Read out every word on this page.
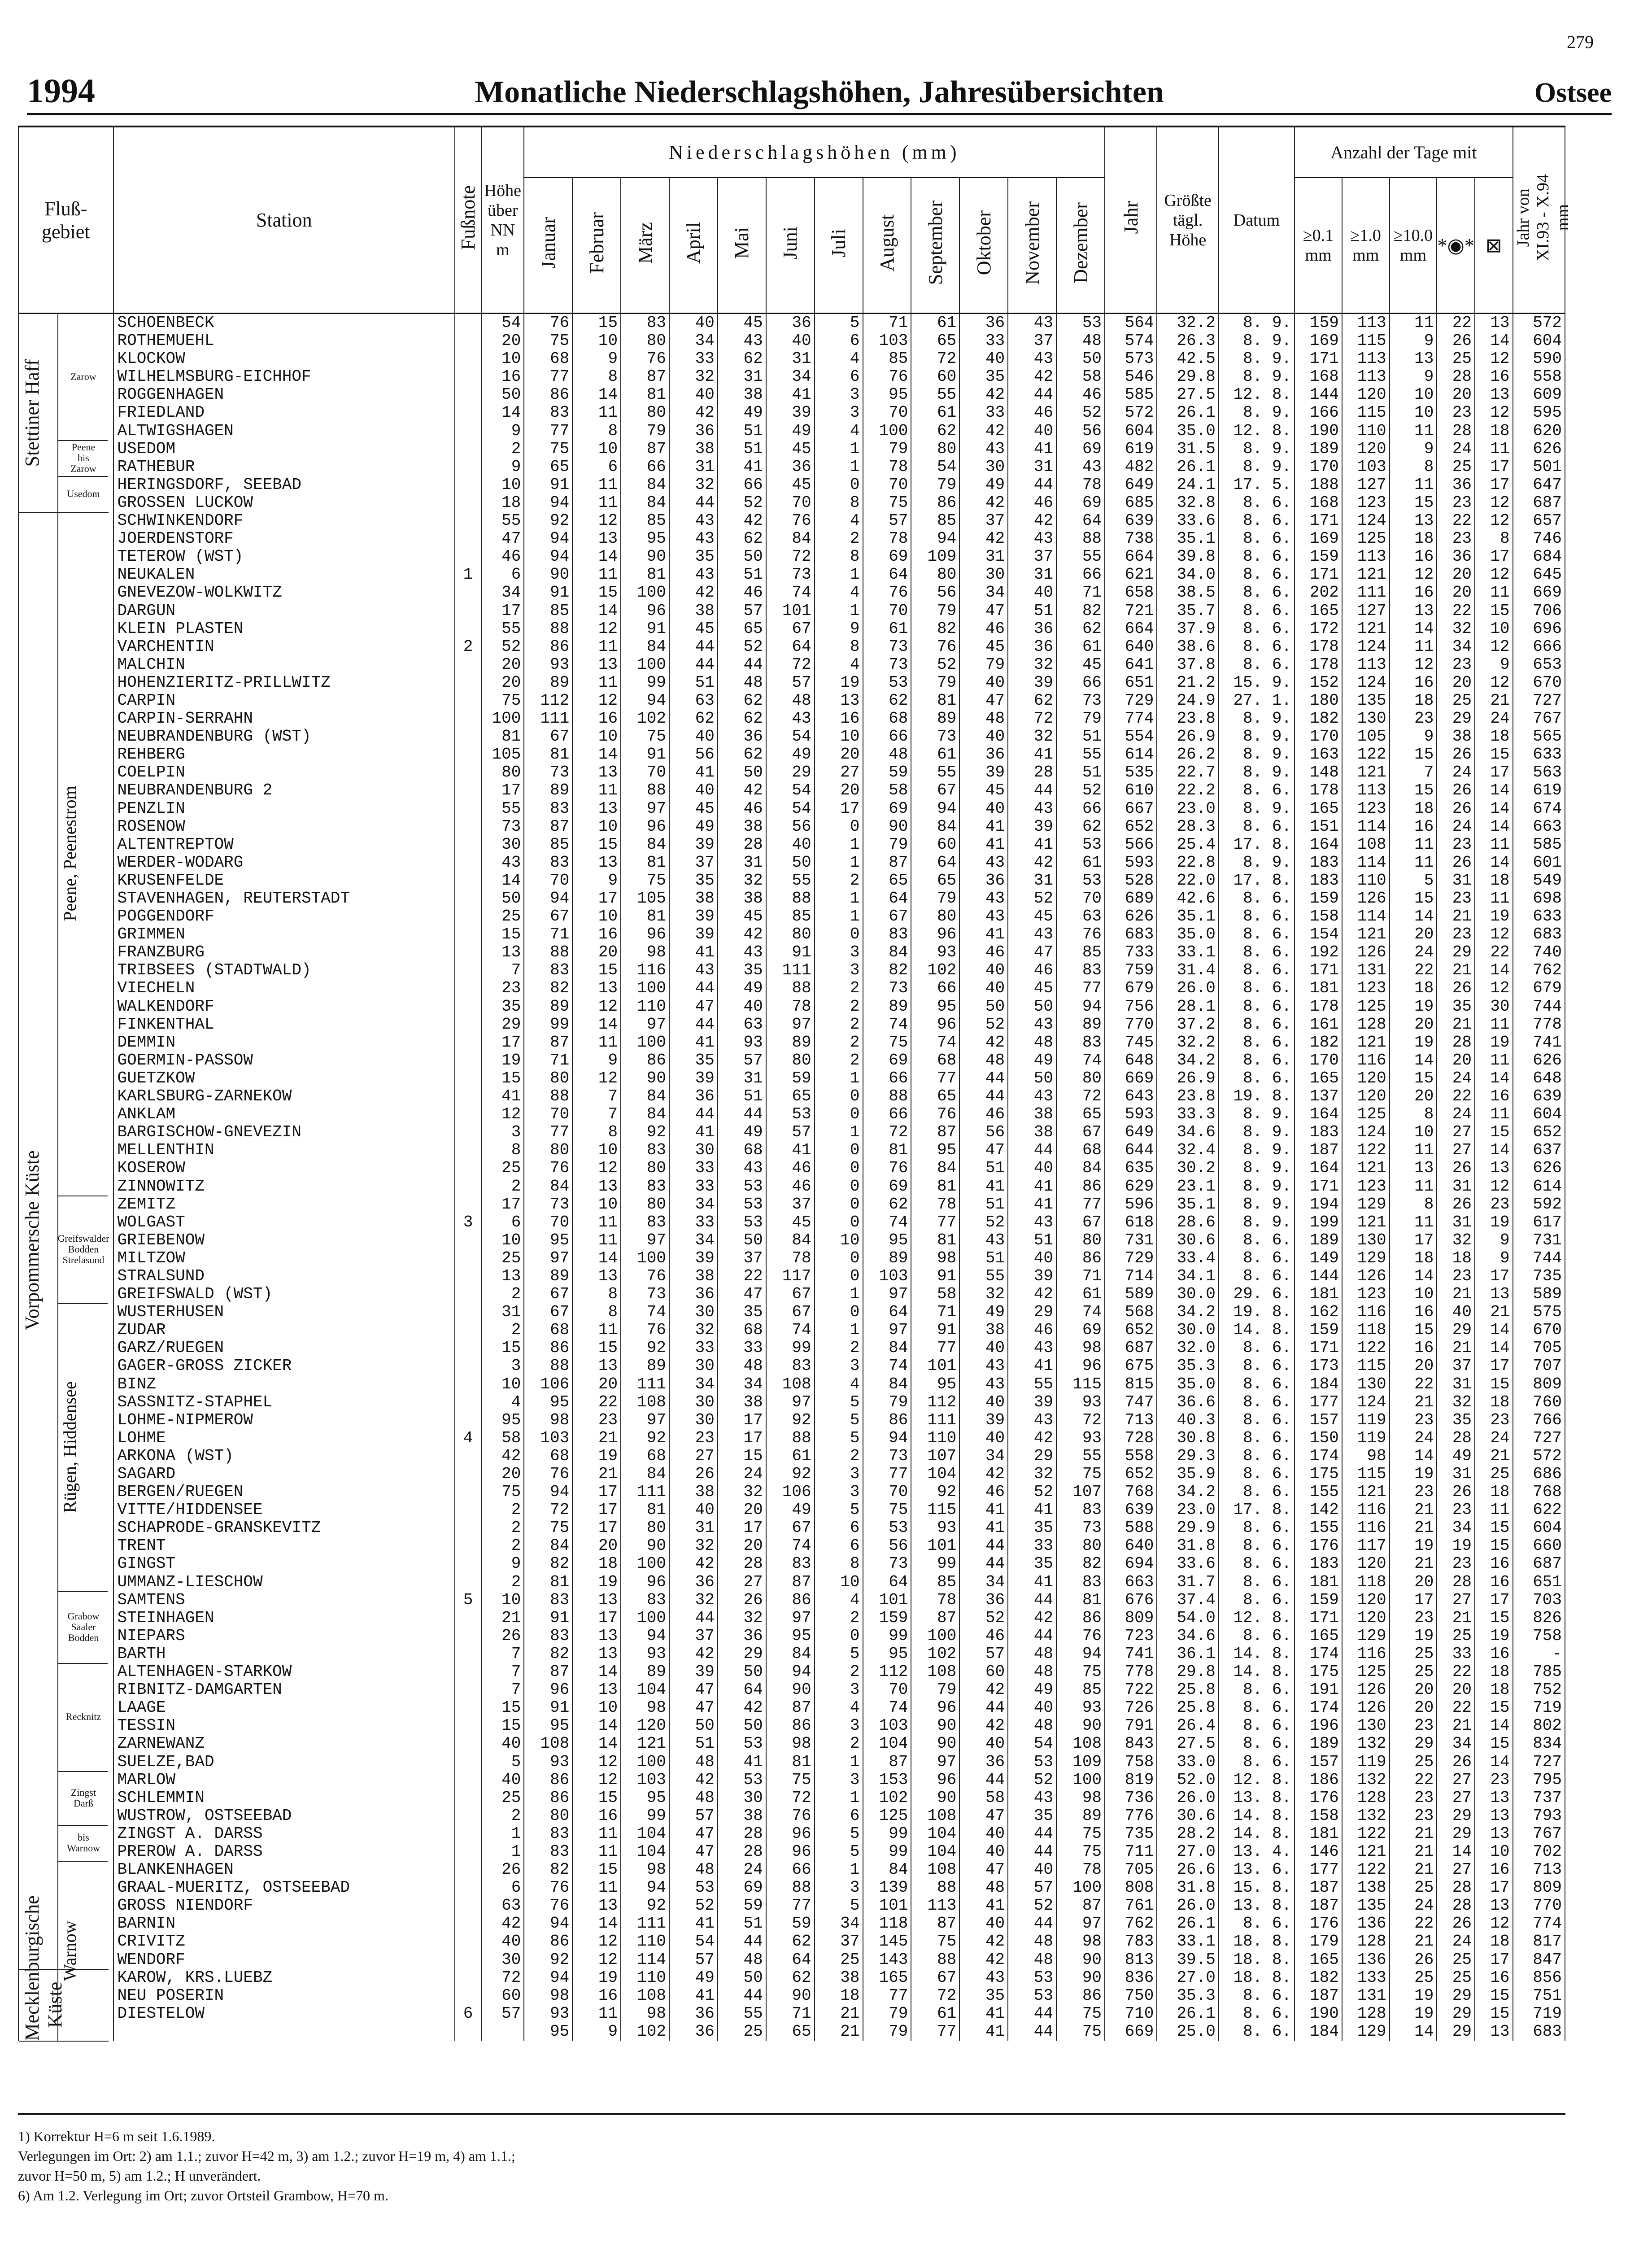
279
1994	Monatliche Niederschlagshöhen, Jahresübersichten	Ostsee
Fluß-
gebiet	Station	Fußnote	Höhe
über
NN
m	Niederschlagshöhen (mm)												Jahr	Größte
tägl.
Höhe	Datum	Anzahl der Tage mit					Jahr von
XI.93 - X.94
mm
				Januar	Februar	März	April	Mai	Juni	Juli	August	September	Oktober	November	Dezember				≥0.1
mm	≥1.0
mm	≥10.0
mm	*◉*	⊠	
	SCHOENBECK		54	76	15	83	40	45	36	5	71	61	36	43	53	564	32.2	8. 9.	159	113	11	22	13	572
	ROTHEMUEHL		20	75	10	80	34	43	40	6	103	65	33	37	48	574	26.3	8. 9.	169	115	9	26	14	604
	KLOCKOW		10	68	9	76	33	62	31	4	85	72	40	43	50	573	42.5	8. 9.	171	113	13	25	12	590
	WILHELMSBURG-EICHHOF		16	77	8	87	32	31	34	6	76	60	35	42	58	546	29.8	8. 9.	168	113	9	28	16	558
	ROGGENHAGEN		50	86	14	81	40	38	41	3	95	55	42	44	46	585	27.5	12. 8.	144	120	10	20	13	609
	FRIEDLAND		14	83	11	80	42	49	39	3	70	61	33	46	52	572	26.1	8. 9.	166	115	10	23	12	595
	ALTWIGSHAGEN		9	77	8	79	36	51	49	4	100	62	42	40	56	604	35.0	12. 8.	190	110	11	28	18	620
	USEDOM		2	75	10	87	38	51	45	1	79	80	43	41	69	619	31.5	8. 9.	189	120	9	24	11	626
	RATHEBUR		9	65	6	66	31	41	36	1	78	54	30	31	43	482	26.1	8. 9.	170	103	8	25	17	501
	HERINGSDORF, SEEBAD		10	91	11	84	32	66	45	0	70	79	49	44	78	649	24.1	17. 5.	188	127	11	36	17	647
	GROSSEN LUCKOW		18	94	11	84	44	52	70	8	75	86	42	46	69	685	32.8	8. 6.	168	123	15	23	12	687
	SCHWINKENDORF		55	92	12	85	43	42	76	4	57	85	37	42	64	639	33.6	8. 6.	171	124	13	22	12	657
	JOERDENSTORF		47	94	13	95	43	62	84	2	78	94	42	43	88	738	35.1	8. 6.	169	125	18	23	8	746
	TETEROW (WST)		46	94	14	90	35	50	72	8	69	109	31	37	55	664	39.8	8. 6.	159	113	16	36	17	684
	NEUKALEN	1	6	90	11	81	43	51	73	1	64	80	30	31	66	621	34.0	8. 6.	171	121	12	20	12	645
	GNEVEZOW-WOLKWITZ		34	91	15	100	42	46	74	4	76	56	34	40	71	658	38.5	8. 6.	202	111	16	20	11	669
	DARGUN		17	85	14	96	38	57	101	1	70	79	47	51	82	721	35.7	8. 6.	165	127	13	22	15	706
	KLEIN PLASTEN		55	88	12	91	45	65	67	9	61	82	46	36	62	664	37.9	8. 6.	172	121	14	32	10	696
	VARCHENTIN	2	52	86	11	84	44	52	64	8	73	76	45	36	61	640	38.6	8. 6.	178	124	11	34	12	666
	MALCHIN		20	93	13	100	44	44	72	4	73	52	79	32	45	641	37.8	8. 6.	178	113	12	23	9	653
	HOHENZIERITZ-PRILLWITZ		20	89	11	99	51	48	57	19	53	79	40	39	66	651	21.2	15. 9.	152	124	16	20	12	670
	CARPIN		75	112	12	94	63	62	48	13	62	81	47	62	73	729	24.9	27. 1.	180	135	18	25	21	727
	CARPIN-SERRAHN		100	111	16	102	62	62	43	16	68	89	48	72	79	774	23.8	8. 9.	182	130	23	29	24	767
	NEUBRANDENBURG (WST)		81	67	10	75	40	36	54	10	66	73	40	32	51	554	26.9	8. 9.	170	105	9	38	18	565
	REHBERG		105	81	14	91	56	62	49	20	48	61	36	41	55	614	26.2	8. 9.	163	122	15	26	15	633
	COELPIN		80	73	13	70	41	50	29	27	59	55	39	28	51	535	22.7	8. 9.	148	121	7	24	17	563
	NEUBRANDENBURG 2		17	89	11	88	40	42	54	20	58	67	45	44	52	610	22.2	8. 6.	178	113	15	26	14	619
	PENZLIN		55	83	13	97	45	46	54	17	69	94	40	43	66	667	23.0	8. 9.	165	123	18	26	14	674
	ROSENOW		73	87	10	96	49	38	56	0	90	84	41	39	62	652	28.3	8. 6.	151	114	16	24	14	663
	ALTENTREPTOW		30	85	15	84	39	28	40	1	79	60	41	41	53	566	25.4	17. 8.	164	108	11	23	11	585
	WERDER-WODARG		43	83	13	81	37	31	50	1	87	64	43	42	61	593	22.8	8. 9.	183	114	11	26	14	601
	KRUSENFELDE		14	70	9	75	35	32	55	2	65	65	36	31	53	528	22.0	17. 8.	183	110	5	31	18	549
	STAVENHAGEN, REUTERSTADT		50	94	17	105	38	38	88	1	64	79	43	52	70	689	42.6	8. 6.	159	126	15	23	11	698
	POGGENDORF		25	67	10	81	39	45	85	1	67	80	43	45	63	626	35.1	8. 6.	158	114	14	21	19	633
	GRIMMEN		15	71	16	96	39	42	80	0	83	96	41	43	76	683	35.0	8. 6.	154	121	20	23	12	683
	FRANZBURG		13	88	20	98	41	43	91	3	84	93	46	47	85	733	33.1	8. 6.	192	126	24	29	22	740
	TRIBSEES (STADTWALD)		7	83	15	116	43	35	111	3	82	102	40	46	83	759	31.4	8. 6.	171	131	22	21	14	762
	VIECHELN		23	82	13	100	44	49	88	2	73	66	40	45	77	679	26.0	8. 6.	181	123	18	26	12	679
	WALKENDORF		35	89	12	110	47	40	78	2	89	95	50	50	94	756	28.1	8. 6.	178	125	19	35	30	744
	FINKENTHAL		29	99	14	97	44	63	97	2	74	96	52	43	89	770	37.2	8. 6.	161	128	20	21	11	778
	DEMMIN		17	87	11	100	41	93	89	2	75	74	42	48	83	745	32.2	8. 6.	182	121	19	28	19	741
	GOERMIN-PASSOW		19	71	9	86	35	57	80	2	69	68	48	49	74	648	34.2	8. 6.	170	116	14	20	11	626
	GUETZKOW		15	80	12	90	39	31	59	1	66	77	44	50	80	669	26.9	8. 6.	165	120	15	24	14	648
	KARLSBURG-ZARNEKOW		41	88	7	84	36	51	65	0	88	65	44	43	72	643	23.8	19. 8.	137	120	20	22	16	639
	ANKLAM		12	70	7	84	44	44	53	0	66	76	46	38	65	593	33.3	8. 9.	164	125	8	24	11	604
	BARGISCHOW-GNEVEZIN		3	77	8	92	41	49	57	1	72	87	56	38	67	649	34.6	8. 9.	183	124	10	27	15	652
	MELLENTHIN		8	80	10	83	30	68	41	0	81	95	47	44	68	644	32.4	8. 9.	187	122	11	27	14	637
	KOSEROW		25	76	12	80	33	43	46	0	76	84	51	40	84	635	30.2	8. 9.	164	121	13	26	13	626
	ZINNOWITZ		2	84	13	83	33	53	46	0	69	81	41	41	86	629	23.1	8. 9.	171	123	11	31	12	614
	ZEMITZ		17	73	10	80	34	53	37	0	62	78	51	41	77	596	35.1	8. 9.	194	129	8	26	23	592
	WOLGAST	3	6	70	11	83	33	53	45	0	74	77	52	43	67	618	28.6	8. 9.	199	121	11	31	19	617
	GRIEBENOW		10	95	11	97	34	50	84	10	95	81	43	51	80	731	30.6	8. 6.	189	130	17	32	9	731
	MILTZOW		25	97	14	100	39	37	78	0	89	98	51	40	86	729	33.4	8. 6.	149	129	18	18	9	744
	STRALSUND		13	89	13	76	38	22	117	0	103	91	55	39	71	714	34.1	8. 6.	144	126	14	23	17	735
	GREIFSWALD (WST)		2	67	8	73	36	47	67	1	97	58	32	42	61	589	30.0	29. 6.	181	123	10	21	13	589
	WUSTERHUSEN		31	67	8	74	30	35	67	0	64	71	49	29	74	568	34.2	19. 8.	162	116	16	40	21	575
	ZUDAR		2	68	11	76	32	68	74	1	97	91	38	46	69	652	30.0	14. 8.	159	118	15	29	14	670
	GARZ/RUEGEN		15	86	15	92	33	33	99	2	84	77	40	43	98	687	32.0	8. 6.	171	122	16	21	14	705
	GAGER-GROSS ZICKER		3	88	13	89	30	48	83	3	74	101	43	41	96	675	35.3	8. 6.	173	115	20	37	17	707
	BINZ		10	106	20	111	34	34	108	4	84	95	43	55	115	815	35.0	8. 6.	184	130	22	31	15	809
	SASSNITZ-STAPHEL		4	95	22	108	30	38	97	5	79	112	40	39	93	747	36.6	8. 6.	177	124	21	32	18	760
	LOHME-NIPMEROW		95	98	23	97	30	17	92	5	86	111	39	43	72	713	40.3	8. 6.	157	119	23	35	23	766
	LOHME	4	58	103	21	92	23	17	88	5	94	110	40	42	93	728	30.8	8. 6.	150	119	24	28	24	727
	ARKONA (WST)		42	68	19	68	27	15	61	2	73	107	34	29	55	558	29.3	8. 6.	174	98	14	49	21	572
	SAGARD		20	76	21	84	26	24	92	3	77	104	42	32	75	652	35.9	8. 6.	175	115	19	31	25	686
	BERGEN/RUEGEN		75	94	17	111	38	32	106	3	70	92	46	52	107	768	34.2	8. 6.	155	121	23	26	18	768
	VITTE/HIDDENSEE		2	72	17	81	40	20	49	5	75	115	41	41	83	639	23.0	17. 8.	142	116	21	23	11	622
	SCHAPRODE-GRANSKEVITZ		2	75	17	80	31	17	67	6	53	93	41	35	73	588	29.9	8. 6.	155	116	21	34	15	604
	TRENT		2	84	20	90	32	20	74	6	56	101	44	33	80	640	31.8	8. 6.	176	117	19	19	15	660
	GINGST		9	82	18	100	42	28	83	8	73	99	44	35	82	694	33.6	8. 6.	183	120	21	23	16	687
	UMMANZ-LIESCHOW		2	81	19	96	36	27	87	10	64	85	34	41	83	663	31.7	8. 6.	181	118	20	28	16	651
	SAMTENS	5	10	83	13	83	32	26	86	4	101	78	36	44	81	676	37.4	8. 6.	159	120	17	27	17	703
	STEINHAGEN		21	91	17	100	44	32	97	2	159	87	52	42	86	809	54.0	12. 8.	171	120	23	21	15	826
	NIEPARS		26	83	13	94	37	36	95	0	99	100	46	44	76	723	34.6	8. 6.	165	129	19	25	19	758
	BARTH		7	82	13	93	42	29	84	5	95	102	57	48	94	741	36.1	14. 8.	174	116	25	33	16	-
	ALTENHAGEN-STARKOW		7	87	14	89	39	50	94	2	112	108	60	48	75	778	29.8	14. 8.	175	125	25	22	18	785
	RIBNITZ-DAMGARTEN		7	96	13	104	47	64	90	3	70	79	42	49	85	722	25.8	8. 6.	191	126	20	20	18	752
	LAAGE		15	91	10	98	47	42	87	4	74	96	44	40	93	726	25.8	8. 6.	174	126	20	22	15	719
	TESSIN		15	95	14	120	50	50	86	3	103	90	42	48	90	791	26.4	8. 6.	196	130	23	21	14	802
	ZARNEWANZ		40	108	14	121	51	53	98	2	104	90	40	54	108	843	27.5	8. 6.	189	132	29	34	15	834
	SUELZE,BAD		5	93	12	100	48	41	81	1	87	97	36	53	109	758	33.0	8. 6.	157	119	25	26	14	727
	MARLOW		40	86	12	103	42	53	75	3	153	96	44	52	100	819	52.0	12. 8.	186	132	22	27	23	795
	SCHLEMMIN		25	86	15	95	48	30	72	1	102	90	58	43	98	736	26.0	13. 8.	176	128	23	27	13	737
	WUSTROW, OSTSEEBAD		2	80	16	99	57	38	76	6	125	108	47	35	89	776	30.6	14. 8.	158	132	23	29	13	793
	ZINGST A. DARSS		1	83	11	104	47	28	96	5	99	104	40	44	75	735	28.2	14. 8.	181	122	21	29	13	767
	PREROW A. DARSS		1	83	11	104	47	28	96	5	99	104	40	44	75	711	27.0	13. 4.	146	121	21	14	10	702
	BLANKENHAGEN		26	82	15	98	48	24	66	1	84	108	47	40	78	705	26.6	13. 6.	177	122	21	27	16	713
	GRAAL-MUERITZ, OSTSEEBAD		6	76	11	94	53	69	88	3	139	88	48	57	100	808	31.8	15. 8.	187	138	25	28	17	809
	GROSS NIENDORF		63	76	13	92	52	59	77	5	101	113	41	52	87	761	26.0	13. 8.	187	135	24	28	13	770
	BARNIN		42	94	14	111	41	51	59	34	118	87	40	44	97	762	26.1	8. 6.	176	136	22	26	12	774
	CRIVITZ		40	86	12	110	54	44	62	37	145	75	42	48	98	783	33.1	18. 8.	179	128	21	24	18	817
	WENDORF		30	92	12	114	57	48	64	25	143	88	42	48	90	813	39.5	18. 8.	165	136	26	25	17	847
	KAROW, KRS.LUEBZ		72	94	19	110	49	50	62	38	165	67	43	53	90	836	27.0	18. 8.	182	133	25	25	16	856
	NEU POSERIN		60	98	16	108	41	44	90	18	77	72	35	53	86	750	35.3	8. 6.	187	131	19	29	15	751
	DIESTELOW	6	57	93	11	98	36	55	71	21	79	61	41	44	75	710	26.1	8. 6.	190	128	19	29	15	719
				95	9	102	36	25	65	21	79	77	41	44	75	669	25.0	8. 6.	184	129	14	29	13	683
1) Korrektur H=6 m seit 1.6.1989.
Verlegungen im Ort: 2) am 1.1.; zuvor H=42 m, 3) am 1.2.; zuvor H=19 m, 4) am 1.1.;
zuvor H=50 m, 5) am 1.2.; H unverändert.
6) Am 1.2. Verlegung im Ort; zuvor Ortsteil Grambow, H=70 m.
Stettiner Haff	Zarow
Peene
bis
Zarow
Usedom
Vorpommersche Küste
Peene, Peenestrom
Greifswalder
Bodden
Strelasund
Rügen, Hiddensee
Grabow
Saaler
Bodden
Recknitz
Zingst
Darß
Mecklenburgische
Küste
bis
Warnow
Warnow
